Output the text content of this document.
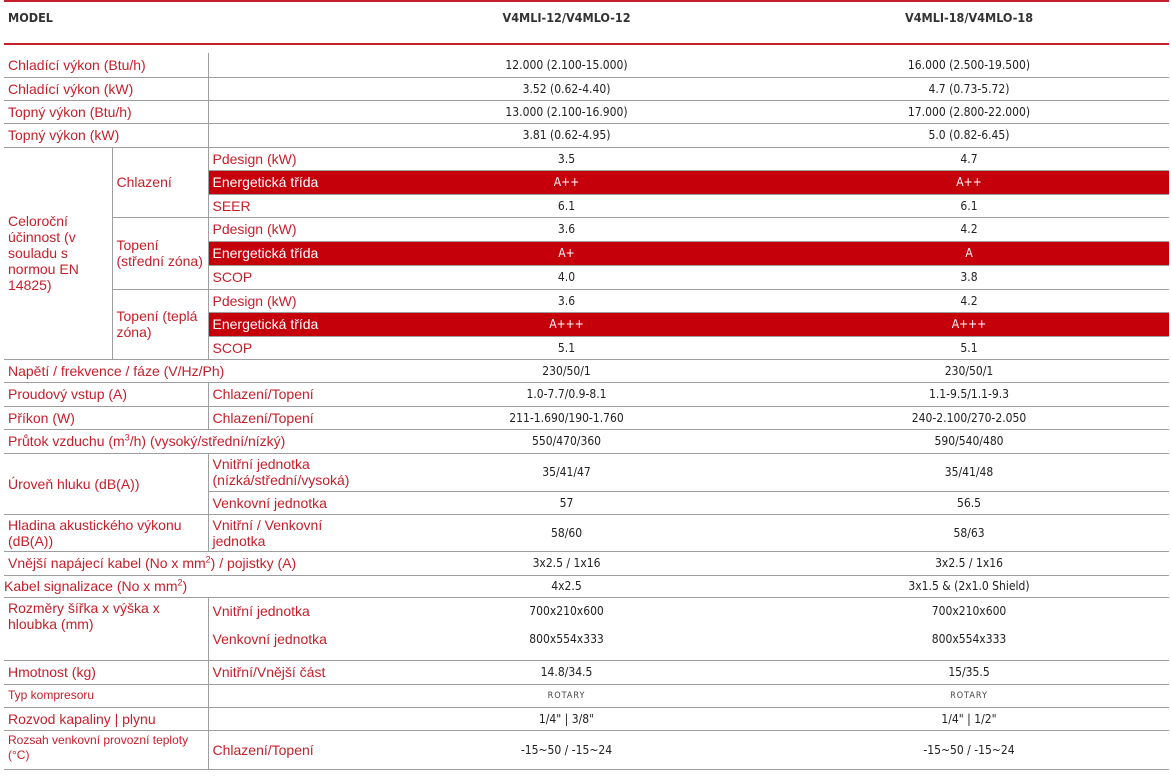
MODEL			V4MLI-12/V4MLO-12	V4MLI-18/V4MLO-18

Chladící výkon (Btu/h)			12.000 (2.100-15.000)	16.000 (2.500-19.500)
Chladící výkon (kW)			3.52 (0.62-4.40)	4.7 (0.73-5.72)
Topný výkon (Btu/h)			13.000 (2.100-16.900)	17.000 (2.800-22.000)
Topný výkon (kW)			3.81 (0.62-4.95)	5.0 (0.82-6.45)
Celoroční účinnost (v souladu s normou EN 14825)	Chlazení	Pdesign (kW)	3.5	4.7
		Energetická třída	A++	A++
		SEER	6.1	6.1
	Topení (střední zóna)	Pdesign (kW)	3.6	4.2
		Energetická třída	A+	A
		SCOP	4.0	3.8
	Topení (teplá zóna)	Pdesign (kW)	3.6	4.2
		Energetická třída	A+++	A+++
		SCOP	5.1	5.1
Napětí / frekvence / fáze (V/Hz/Ph)			230/50/1	230/50/1
Proudový vstup (A)		Chlazení/Topení	1.0-7.7/0.9-8.1	1.1-9.5/1.1-9.3
Příkon (W)		Chlazení/Topení	211-1.690/190-1.760	240-2.100/270-2.050
Průtok vzduchu $(m^3/h)$ (vysoký/střední/nízký)			550/470/360	590/540/480
Úroveň hluku (dB(A))		Vnitřní jednotka (nízká/střední/vysoká)	35/41/47	35/41/48
		Venkovní jednotka	57	56.5
Hladina akustického výkonu (dB(A))		Vnitřní / Venkovní jednotka	58/60	58/63
Vnější napájecí kabel (No x $mm^2$) / pojistky (A)			3x2.5 / 1x16	3x2.5 / 1x16
Kabel signalizace (No x $mm^2$)			4x2.5	3x1.5 & (2x1.0 Shield)
Rozměry šířka x výška x hloubka (mm)		Vnitřní jednotka	700x210x600	700x210x600
		Venkovní jednotka	800x554x333	800x554x333
Hmotnost (kg)		Vnitřní/Vnější část	14.8/34.5	15/35.5
Typ kompresoru			ROTARY	ROTARY
Rozvod kapaliny | plynu			1/4" | 3/8"	1/4" | 1/2"
Rozsah venkovní provozní teploty (°C)		Chlazení/Topení	-15~50 / -15~24	-15~50 / -15~24
